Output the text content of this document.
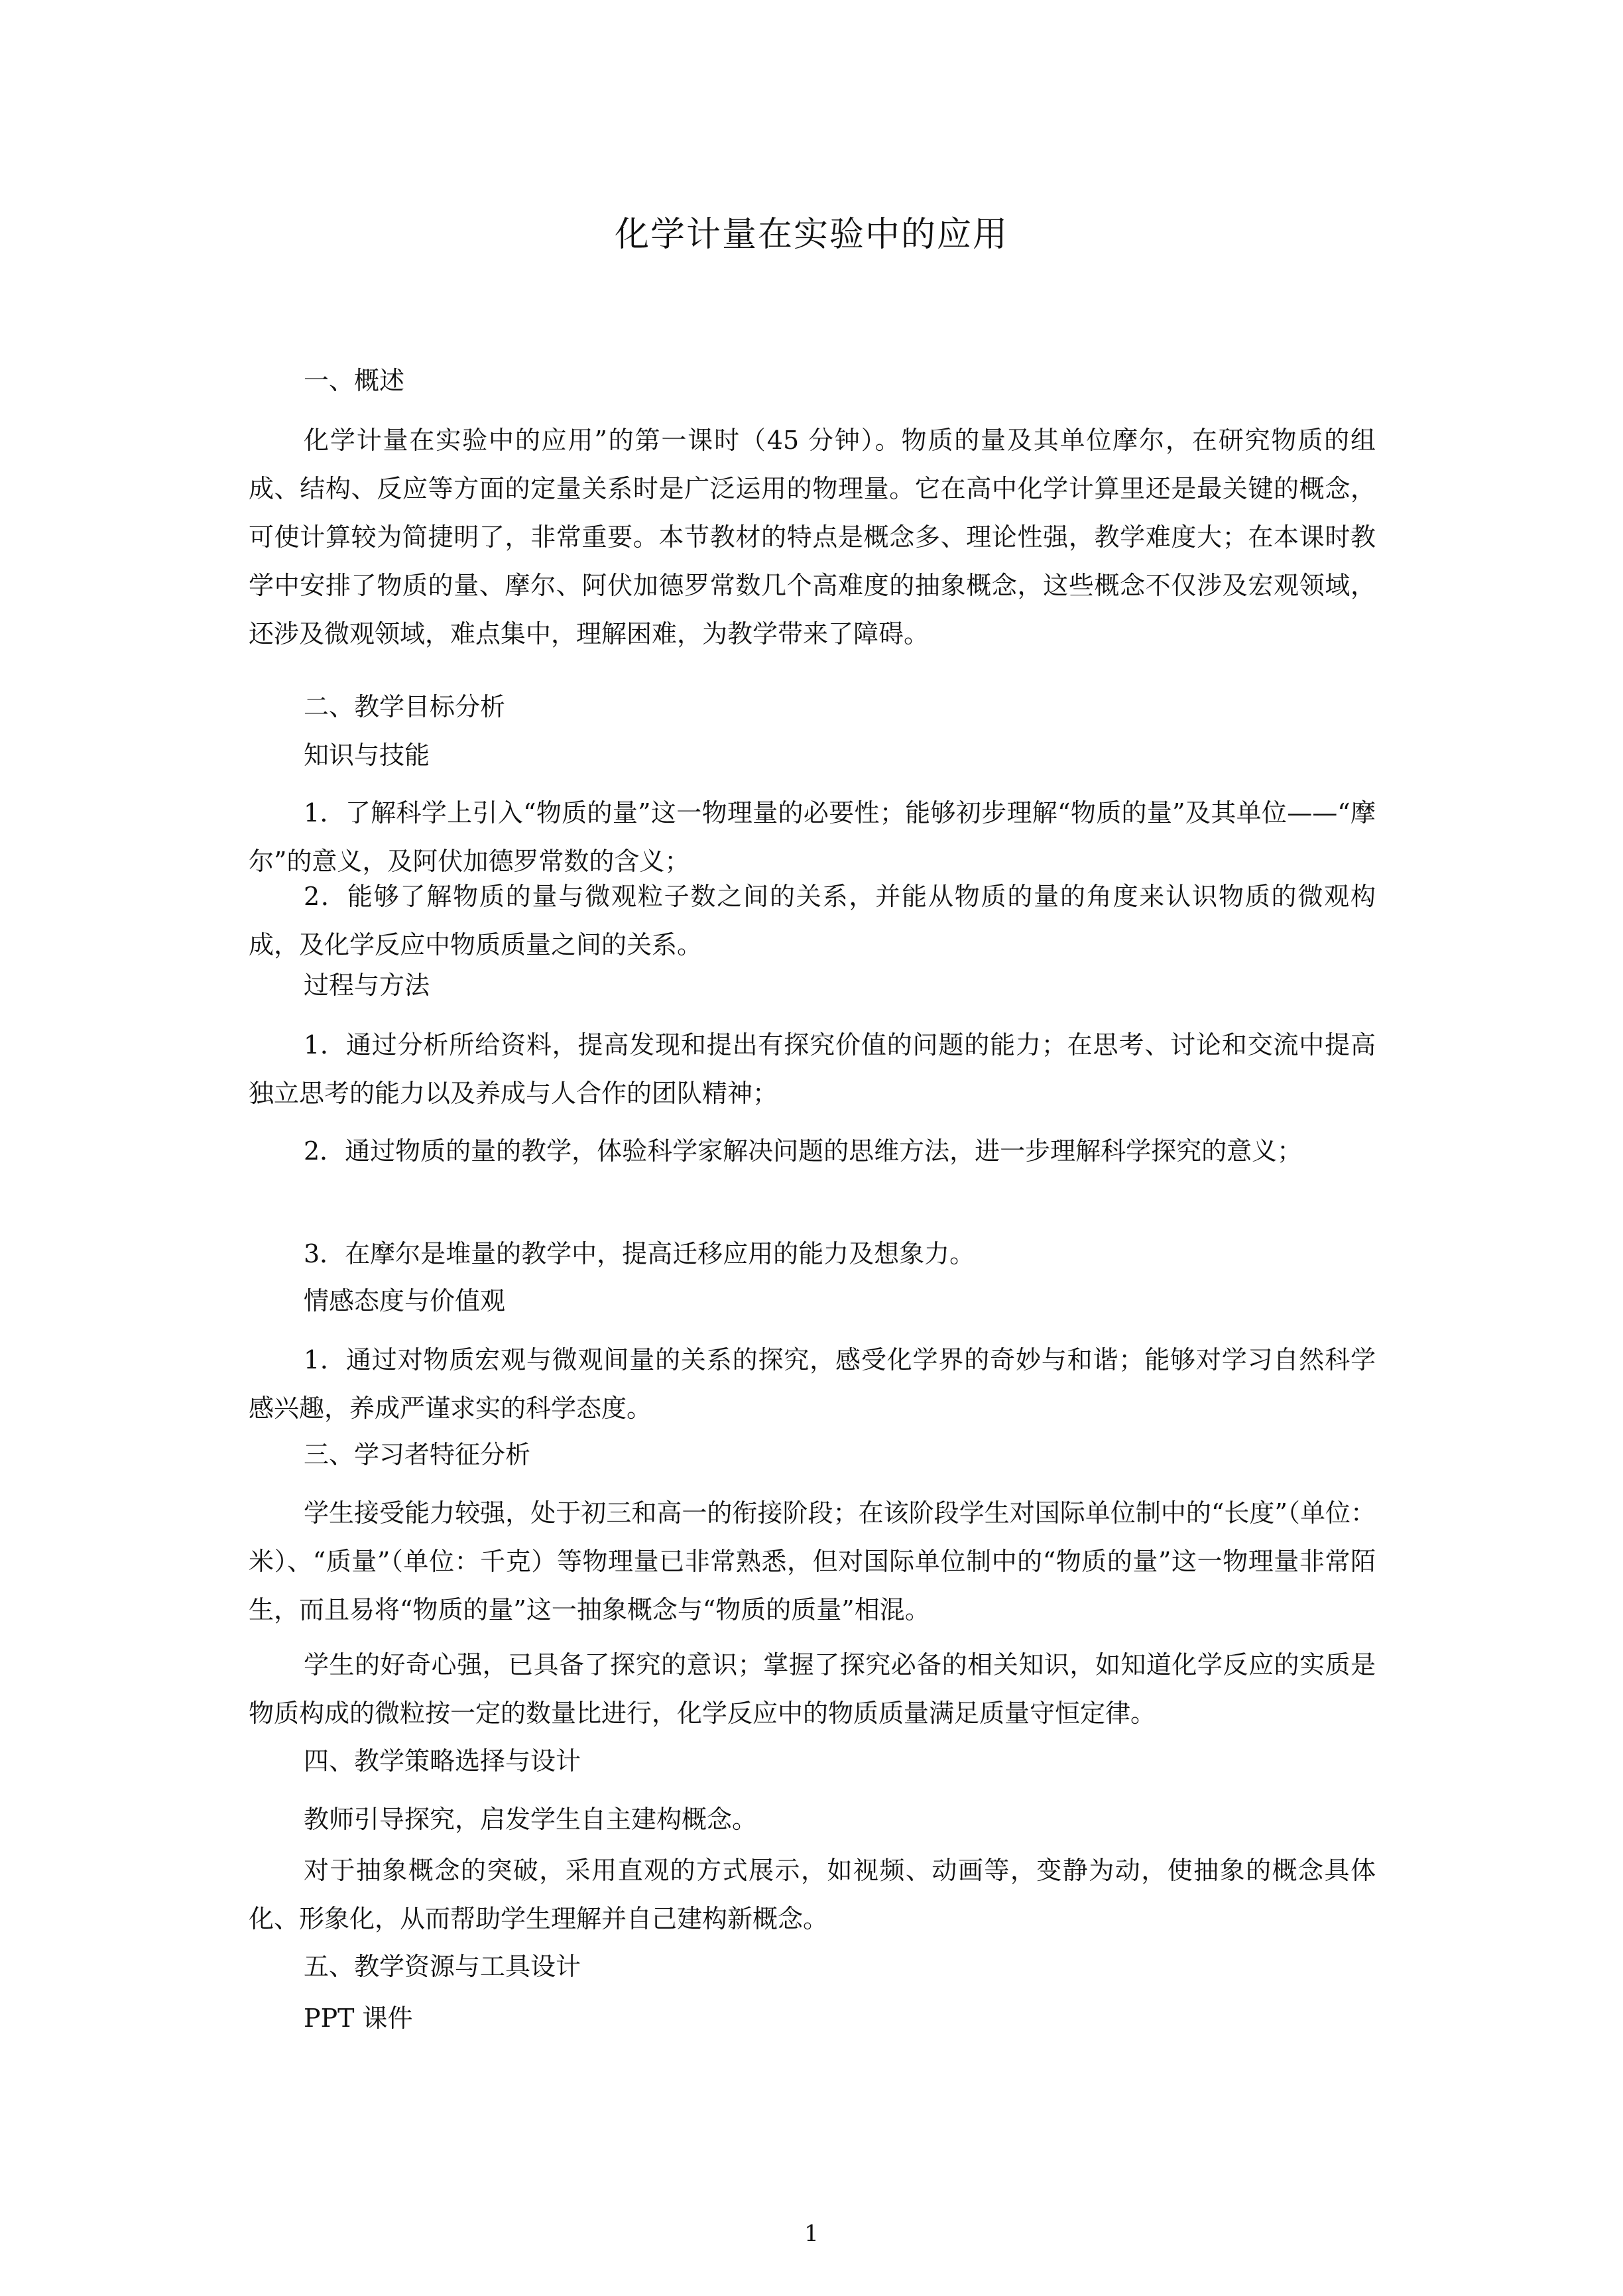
化学计量在实验中的应用
一、概述
化学计量在实验中的应用”的第一课时（45 分钟）。物质的量及其单位摩尔，在研究物质的组成、结构、反应等方面的定量关系时是广泛运用的物理量。它在高中化学计算里还是最关键的概念，可使计算较为简捷明了，非常重要。本节教材的特点是概念多、理论性强，教学难度大；在本课时教学中安排了物质的量、摩尔、阿伏加德罗常数几个高难度的抽象概念，这些概念不仅涉及宏观领域，还涉及微观领域，难点集中，理解困难，为教学带来了障碍。
二、教学目标分析
知识与技能
1．了解科学上引入“物质的量”这一物理量的必要性；能够初步理解“物质的量”及其单位——“摩尔”的意义，及阿伏加德罗常数的含义；
2．能够了解物质的量与微观粒子数之间的关系，并能从物质的量的角度来认识物质的微观构成，及化学反应中物质质量之间的关系。
过程与方法
1．通过分析所给资料，提高发现和提出有探究价值的问题的能力；在思考、讨论和交流中提高独立思考的能力以及养成与人合作的团队精神；
2．通过物质的量的教学，体验科学家解决问题的思维方法，进一步理解科学探究的意义；
3．在摩尔是堆量的教学中，提高迁移应用的能力及想象力。
情感态度与价值观
1．通过对物质宏观与微观间量的关系的探究，感受化学界的奇妙与和谐；能够对学习自然科学感兴趣，养成严谨求实的科学态度。
三、学习者特征分析
学生接受能力较强，处于初三和高一的衔接阶段；在该阶段学生对国际单位制中的“长度”（单位：米）、“质量”（单位：千克）等物理量已非常熟悉，但对国际单位制中的“物质的量”这一物理量非常陌生，而且易将“物质的量”这一抽象概念与“物质的质量”相混。
学生的好奇心强，已具备了探究的意识；掌握了探究必备的相关知识，如知道化学反应的实质是物质构成的微粒按一定的数量比进行，化学反应中的物质质量满足质量守恒定律。
四、教学策略选择与设计
教师引导探究，启发学生自主建构概念。
对于抽象概念的突破，采用直观的方式展示，如视频、动画等，变静为动，使抽象的概念具体化、形象化，从而帮助学生理解并自己建构新概念。
五、教学资源与工具设计
PPT 课件
1
